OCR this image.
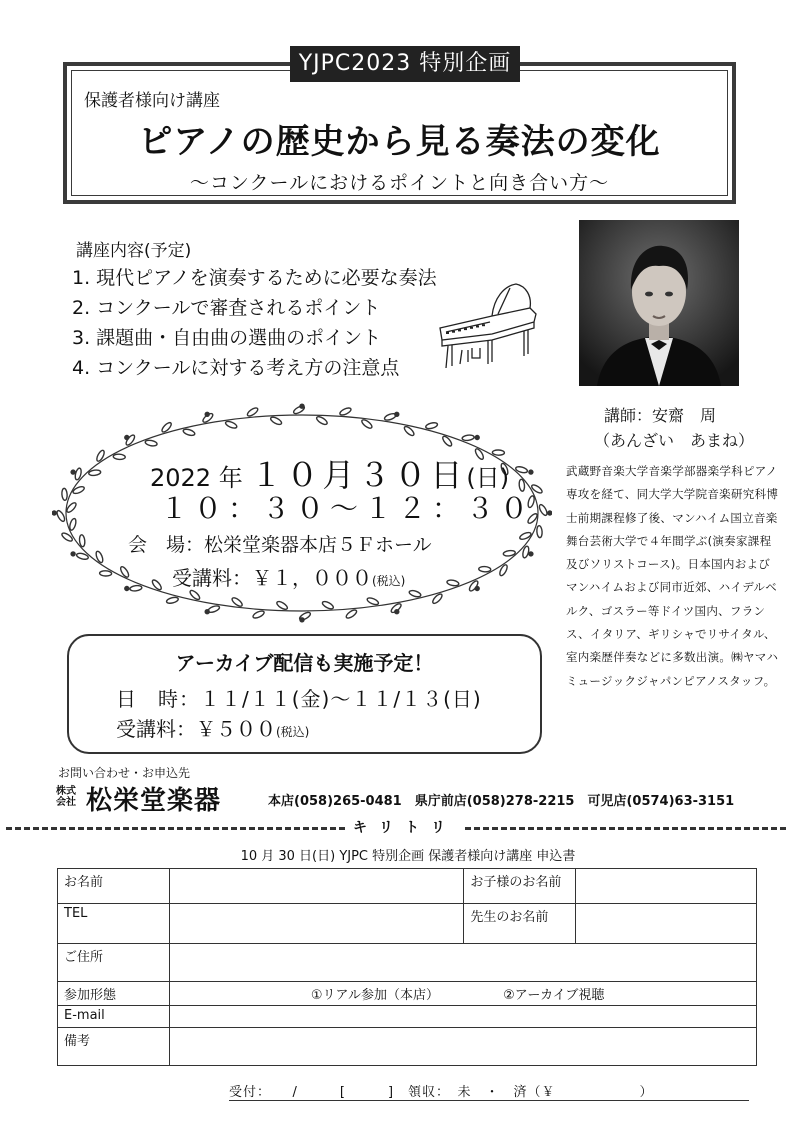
YJPC2023 特別企画
保護者様向け講座
ピアノの歴史から見る奏法の変化
～コンクールにおけるポイントと向き合い方～
講座内容(予定)
1. 現代ピアノを演奏するために必要な奏法
2. コンクールで審査されるポイント
3. 課題曲・自由曲の選曲のポイント
4. コンクールに対する考え方の注意点
講師：安齋　周
（あんざい　あまね）
武蔵野音楽大学音楽学部器楽学科ピアノ専攻を経て、同大学大学院音楽研究科博士前期課程修了後、マンハイム国立音楽舞台芸術大学で４年間学ぶ(演奏家課程及びソリストコース)。日本国内およびマンハイムおよび同市近郊、ハイデルベルク、ゴスラー等ドイツ国内、フランス、イタリア、ギリシャでリサイタル、室内楽歴伴奏などに多数出演。㈱ヤマハミュージックジャパンピアノスタッフ。
2022 年 １０月３０日(日)
１０：３０～１２：３０
会　場：松栄堂楽器本店５Ｆホール
受講料：￥１，０００(税込)
アーカイブ配信も実施予定！
日　時：１１/１１(金)～１１/１３(日)
受講料：￥５００(税込)
お問い合わせ・お申込先
株式
会社 松栄堂楽器	本店(058)265-0481　県庁前店(058)278-2215　可児店(0574)63-3151
キリトリ
10 月 30 日(日) YJPC 特別企画 保護者様向け講座 申込書
お名前		お子様のお名前	
TEL		先生のお名前	
ご住所			
参加形態	①リアル参加（本店） ②アーカイブ視聴		
E-mail			
備考			
受付：　　/　　　[　　　]　領収：　未　・　済（￥　　　　　　）
